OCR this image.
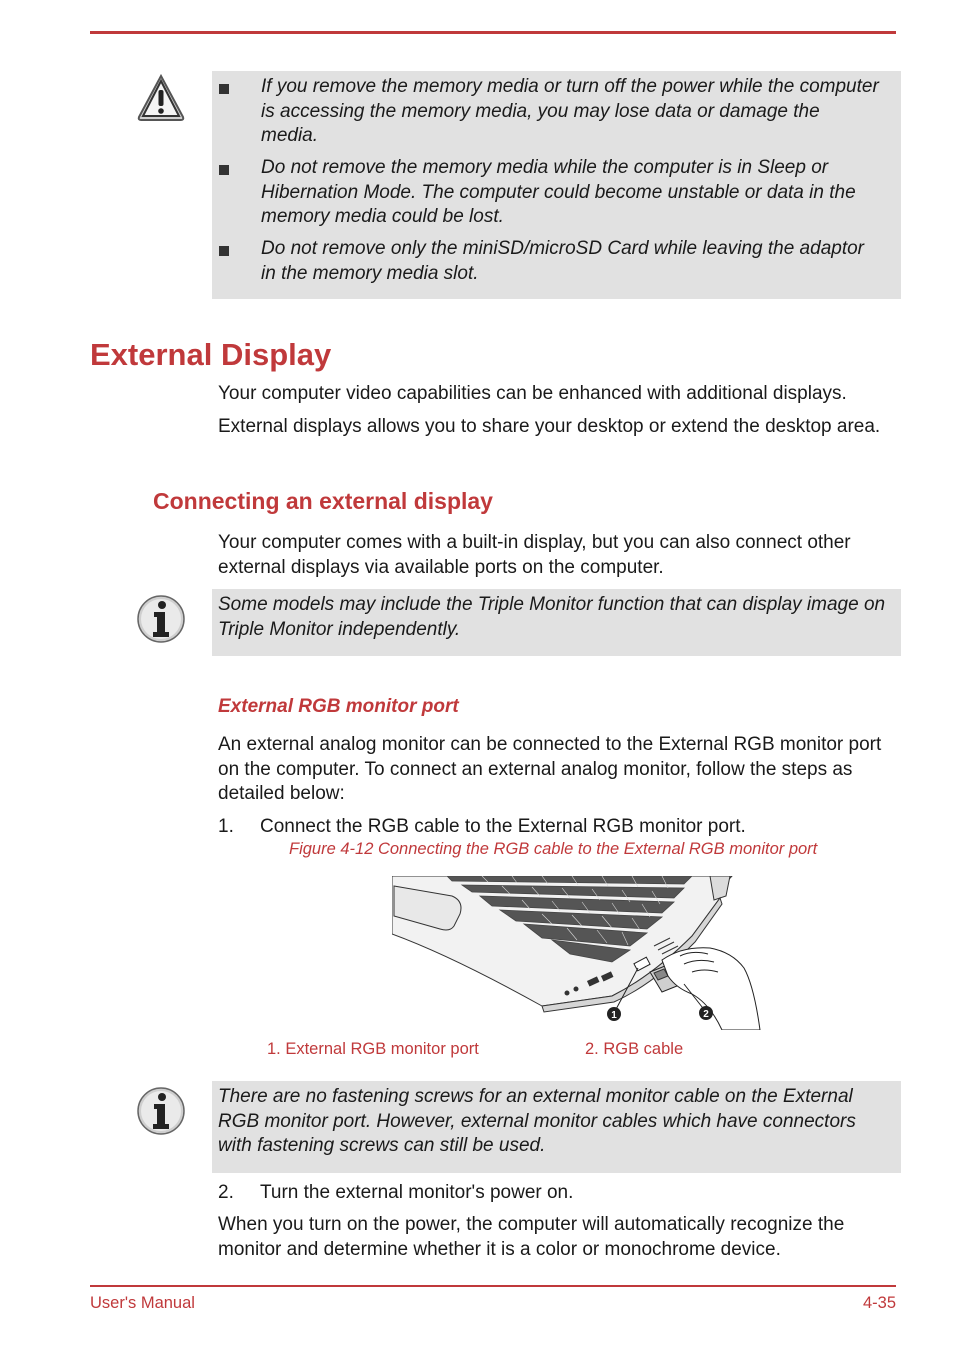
If you remove the memory media or turn off the power while the computer is accessing the memory media, you may lose data or damage the media.
Do not remove the memory media while the computer is in Sleep or Hibernation Mode. The computer could become unstable or data in the memory media could be lost.
Do not remove only the miniSD/microSD Card while leaving the adaptor in the memory media slot.
External Display

Your computer video capabilities can be enhanced with additional displays.

External displays allows you to share your desktop or extend the desktop area.

Connecting an external display

Your computer comes with a built-in display, but you can also connect other external displays via available ports on the computer.

Some models may include the Triple Monitor function that can display image on Triple Monitor independently.
External RGB monitor port

An external analog monitor can be connected to the External RGB monitor port on the computer. To connect an external analog monitor, follow the steps as detailed below:

1. Connect the RGB cable to the External RGB monitor port.
Figure 4-12 Connecting the RGB cable to the External RGB monitor port
1	2
1. External RGB monitor port	2. RGB cable
There are no fastening screws for an external monitor cable on the External RGB monitor port. However, external monitor cables which have connectors with fastening screws can still be used.
2. Turn the external monitor's power on.

When you turn on the power, the computer will automatically recognize the monitor and determine whether it is a color or monochrome device.

User's Manual	4-35
